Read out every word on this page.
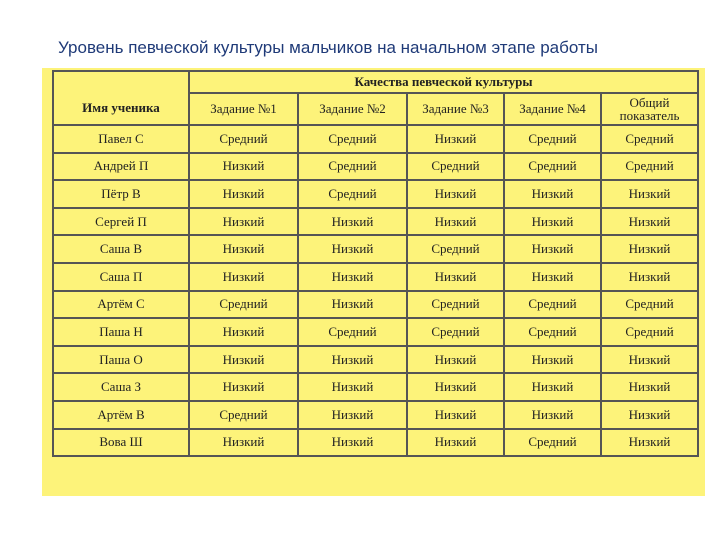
Уровень певческой культуры мальчиков на начальном этапе работы
Имя ученика	Качества певческой культуры				
	Задание №1	Задание №2	Задание №3	Задание №4	Общий показатель
Павел С	Средний	Средний	Низкий	Средний	Средний
Андрей П	Низкий	Средний	Средний	Средний	Средний
Пётр В	Низкий	Средний	Низкий	Низкий	Низкий
Сергей П	Низкий	Низкий	Низкий	Низкий	Низкий
Саша В	Низкий	Низкий	Средний	Низкий	Низкий
Саша П	Низкий	Низкий	Низкий	Низкий	Низкий
Артём С	Средний	Низкий	Средний	Средний	Средний
Паша Н	Низкий	Средний	Средний	Средний	Средний
Паша О	Низкий	Низкий	Низкий	Низкий	Низкий
Саша З	Низкий	Низкий	Низкий	Низкий	Низкий
Артём В	Средний	Низкий	Низкий	Низкий	Низкий
Вова Ш	Низкий	Низкий	Низкий	Средний	Низкий
